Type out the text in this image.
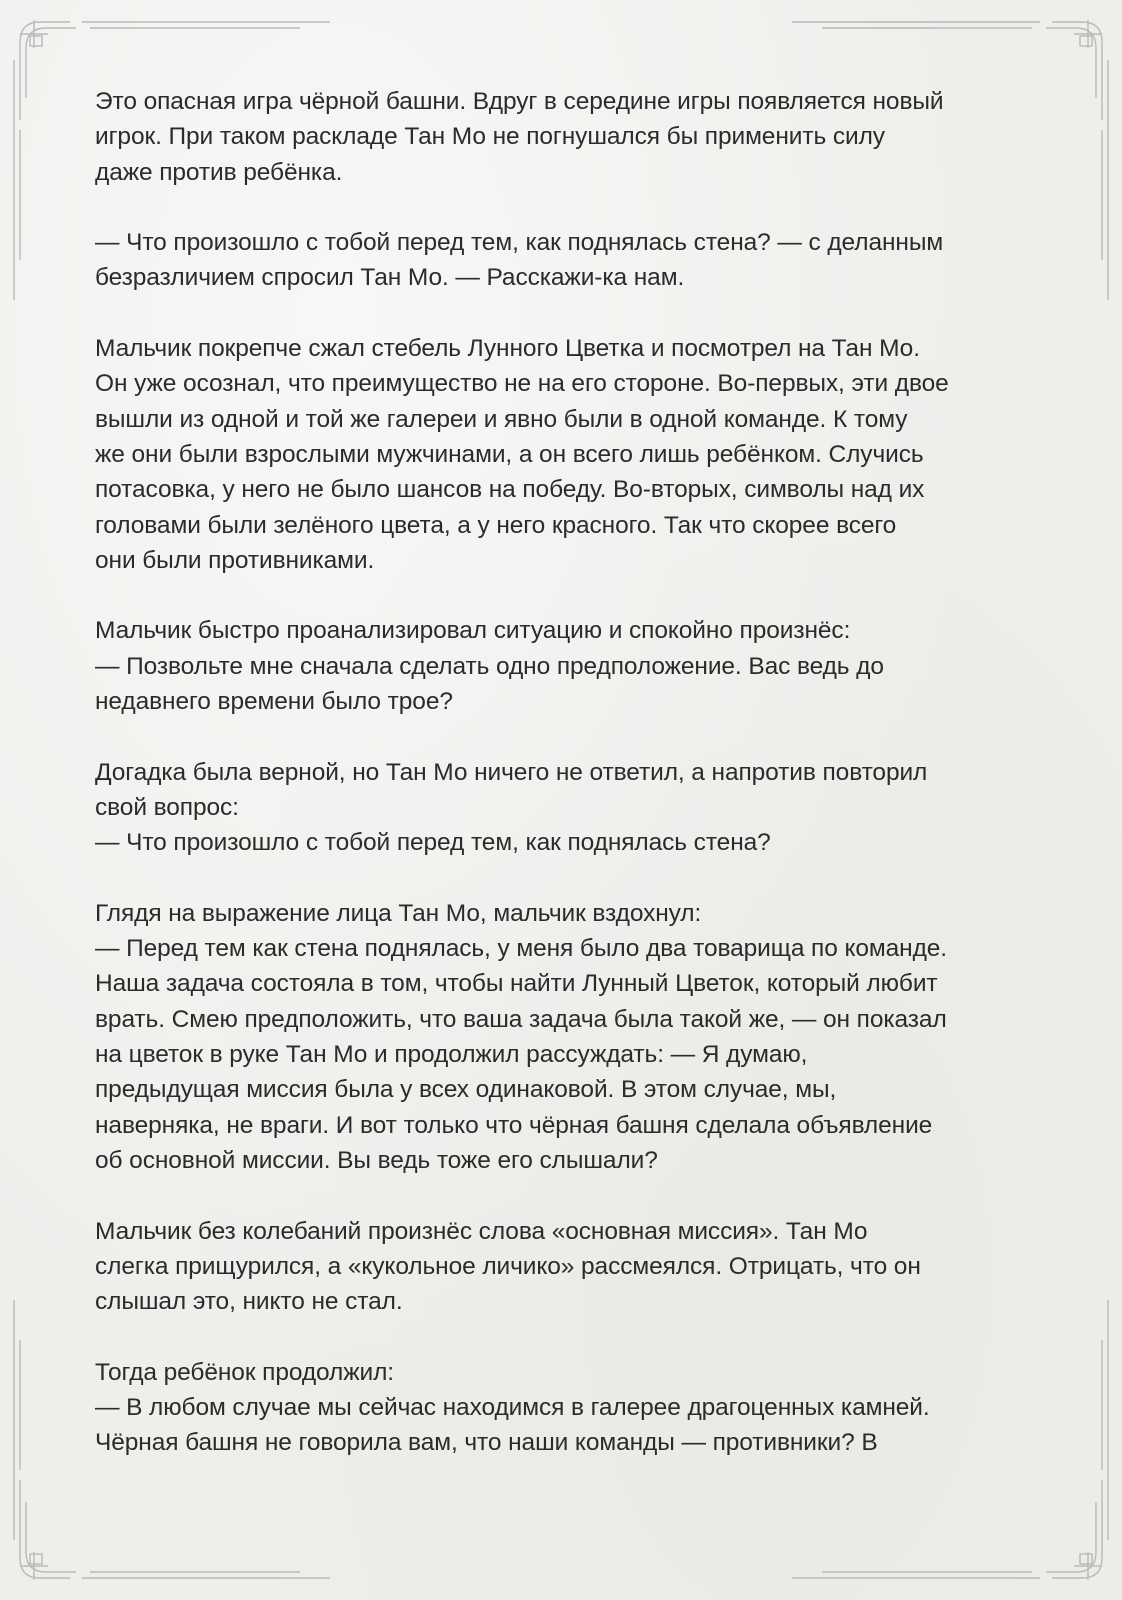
Это опасная игра чёрной башни. Вдруг в середине игры появляется новый
игрок. При таком раскладе Тан Мо не погнушался бы применить силу
даже против ребёнка.

— Что произошло с тобой перед тем, как поднялась стена? — с деланным
безразличием спросил Тан Мо. — Расскажи-ка нам.

Мальчик покрепче сжал стебель Лунного Цветка и посмотрел на Тан Мо.
Он уже осознал, что преимущество не на его стороне. Во-первых, эти двое
вышли из одной и той же галереи и явно были в одной команде. К тому
же они были взрослыми мужчинами, а он всего лишь ребёнком. Случись
потасовка, у него не было шансов на победу. Во-вторых, символы над их
головами были зелёного цвета, а у него красного. Так что скорее всего
они были противниками.

Мальчик быстро проанализировал ситуацию и спокойно произнёс:
— Позвольте мне сначала сделать одно предположение. Вас ведь до
недавнего времени было трое?

Догадка была верной, но Тан Мо ничего не ответил, а напротив повторил
свой вопрос:
— Что произошло с тобой перед тем, как поднялась стена?

Глядя на выражение лица Тан Мо, мальчик вздохнул:
— Перед тем как стена поднялась, у меня было два товарища по команде.
Наша задача состояла в том, чтобы найти Лунный Цветок, который любит
врать. Смею предположить, что ваша задача была такой же, — он показал
на цветок в руке Тан Мо и продолжил рассуждать: — Я думаю,
предыдущая миссия была у всех одинаковой. В этом случае, мы,
наверняка, не враги. И вот только что чёрная башня сделала объявление
об основной миссии. Вы ведь тоже его слышали?

Мальчик без колебаний произнёс слова «основная миссия». Тан Мо
слегка прищурился, а «кукольное личико» рассмеялся. Отрицать, что он
слышал это, никто не стал.

Тогда ребёнок продолжил:
— В любом случае мы сейчас находимся в галерее драгоценных камней.
Чёрная башня не говорила вам, что наши команды — противники? В
